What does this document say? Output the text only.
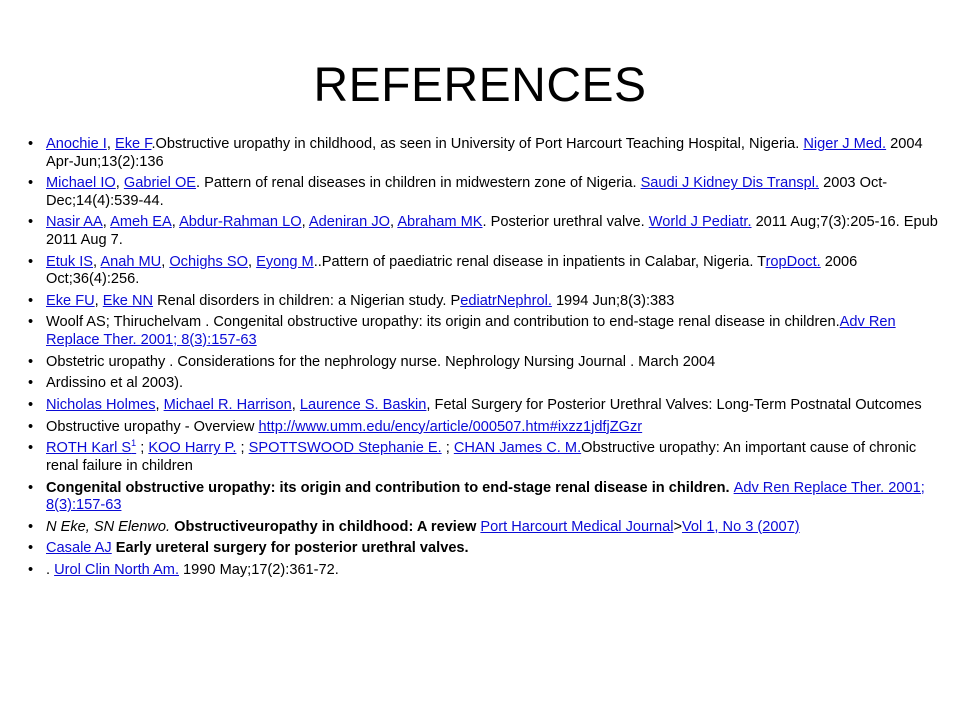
REFERENCES
• Anochie I, Eke F.Obstructive uropathy in childhood, as seen in University of Port Harcourt Teaching Hospital, Nigeria. Niger J Med. 2004 Apr-Jun;13(2):136
• Michael IO, Gabriel OE. Pattern of renal diseases in children in midwestern zone of Nigeria. Saudi J Kidney Dis Transpl. 2003 Oct-Dec;14(4):539-44.
• Nasir AA, Ameh EA, Abdur-Rahman LO, Adeniran JO, Abraham MK. Posterior urethral valve. World J Pediatr. 2011 Aug;7(3):205-16. Epub 2011 Aug 7.
• Etuk IS, Anah MU, Ochighs SO, Eyong M..Pattern of paediatric renal disease in inpatients in Calabar, Nigeria. TropDoct. 2006 Oct;36(4):256.
• Eke FU, Eke NN Renal disorders in children: a Nigerian study. PediatrNephrol. 1994 Jun;8(3):383
• Woolf AS; Thiruchelvam . Congenital obstructive uropathy: its origin and contribution to end-stage renal disease in children.Adv Ren Replace Ther. 2001; 8(3):157-63
• Obstetric uropathy . Considerations for the nephrology nurse. Nephrology Nursing Journal . March 2004
• Ardissino et al 2003).
• Nicholas Holmes, Michael R. Harrison, Laurence S. Baskin, Fetal Surgery for Posterior Urethral Valves: Long-Term Postnatal Outcomes
• Obstructive uropathy - Overview http://www.umm.edu/ency/article/000507.htm#ixzz1jdfjZGzr
• ROTH Karl $S^1$ ; KOO Harry P. ; SPOTTSWOOD Stephanie E. ; CHAN James C. M.Obstructive uropathy: An important cause of chronic renal failure in children
• Congenital obstructive uropathy: its origin and contribution to end-stage renal disease in children. Adv Ren Replace Ther. 2001; 8(3):157-63
• N Eke, SN Elenwo. Obstructiveuropathy in childhood: A review Port Harcourt Medical Journal>Vol 1, No 3 (2007)
• Casale AJ Early ureteral surgery for posterior urethral valves.
• . Urol Clin North Am. 1990 May;17(2):361-72.
